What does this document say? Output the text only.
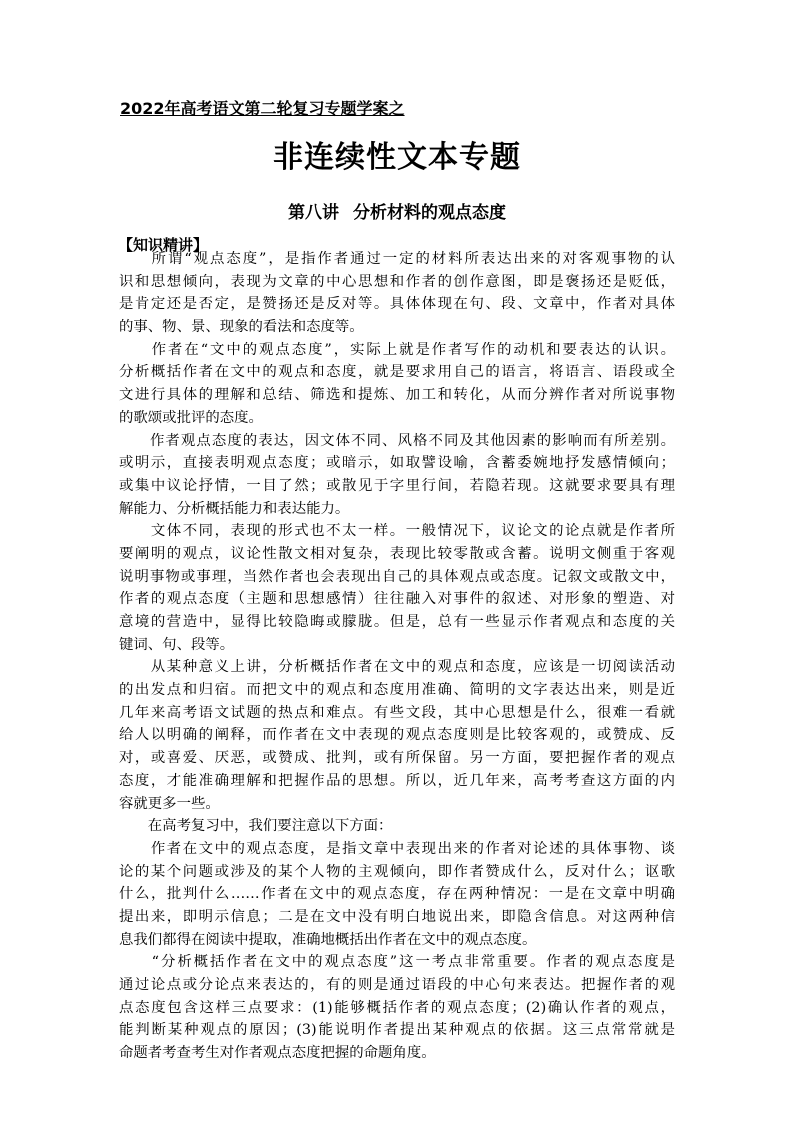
2022年高考语文第二轮复习专题学案之
非连续性文本专题
第八讲 分析材料的观点态度
【知识精讲】
　　所谓“观点态度”，是指作者通过一定的材料所表达出来的对客观事物的认
识和思想倾向，表现为文章的中心思想和作者的创作意图，即是褒扬还是贬低，
是肯定还是否定，是赞扬还是反对等。具体体现在句、段、文章中，作者对具体
的事、物、景、现象的看法和态度等。
　　作者在“文中的观点态度”，实际上就是作者写作的动机和要表达的认识。
分析概括作者在文中的观点和态度，就是要求用自己的语言，将语言、语段或全
文进行具体的理解和总结、筛选和提炼、加工和转化，从而分辨作者对所说事物
的歌颂或批评的态度。
　　作者观点态度的表达，因文体不同、风格不同及其他因素的影响而有所差别。
或明示，直接表明观点态度；或暗示，如取譬设喻，含蓄委婉地抒发感情倾向；
或集中议论抒情，一目了然；或散见于字里行间，若隐若现。这就要求要具有理
解能力、分析概括能力和表达能力。
　　文体不同，表现的形式也不太一样。一般情况下，议论文的论点就是作者所
要阐明的观点，议论性散文相对复杂，表现比较零散或含蓄。说明文侧重于客观
说明事物或事理，当然作者也会表现出自己的具体观点或态度。记叙文或散文中，
作者的观点态度（主题和思想感情）往往融入对事件的叙述、对形象的塑造、对
意境的营造中，显得比较隐晦或朦胧。但是，总有一些显示作者观点和态度的关
键词、句、段等。
　　从某种意义上讲，分析概括作者在文中的观点和态度，应该是一切阅读活动
的出发点和归宿。而把文中的观点和态度用准确、简明的文字表达出来，则是近
几年来高考语文试题的热点和难点。有些文段，其中心思想是什么，很难一看就
给人以明确的阐释，而作者在文中表现的观点态度则是比较客观的，或赞成、反
对，或喜爱、厌恶，或赞成、批判，或有所保留。另一方面，要把握作者的观点
态度，才能准确理解和把握作品的思想。所以，近几年来，高考考查这方面的内
容就更多一些。
　　在高考复习中，我们要注意以下方面：
　　作者在文中的观点态度，是指文章中表现出来的作者对论述的具体事物、谈
论的某个问题或涉及的某个人物的主观倾向，即作者赞成什么，反对什么；讴歌
什么，批判什么……作者在文中的观点态度，存在两种情况：一是在文章中明确
提出来，即明示信息；二是在文中没有明白地说出来，即隐含信息。对这两种信
息我们都得在阅读中提取，准确地概括出作者在文中的观点态度。
　　“分析概括作者在文中的观点态度”这一考点非常重要。作者的观点态度是
通过论点或分论点来表达的，有的则是通过语段的中心句来表达。把握作者的观
点态度包含这样三点要求：(1)能够概括作者的观点态度；(2)确认作者的观点，
能判断某种观点的原因；(3)能说明作者提出某种观点的依据。这三点常常就是
命题者考查考生对作者观点态度把握的命题角度。
